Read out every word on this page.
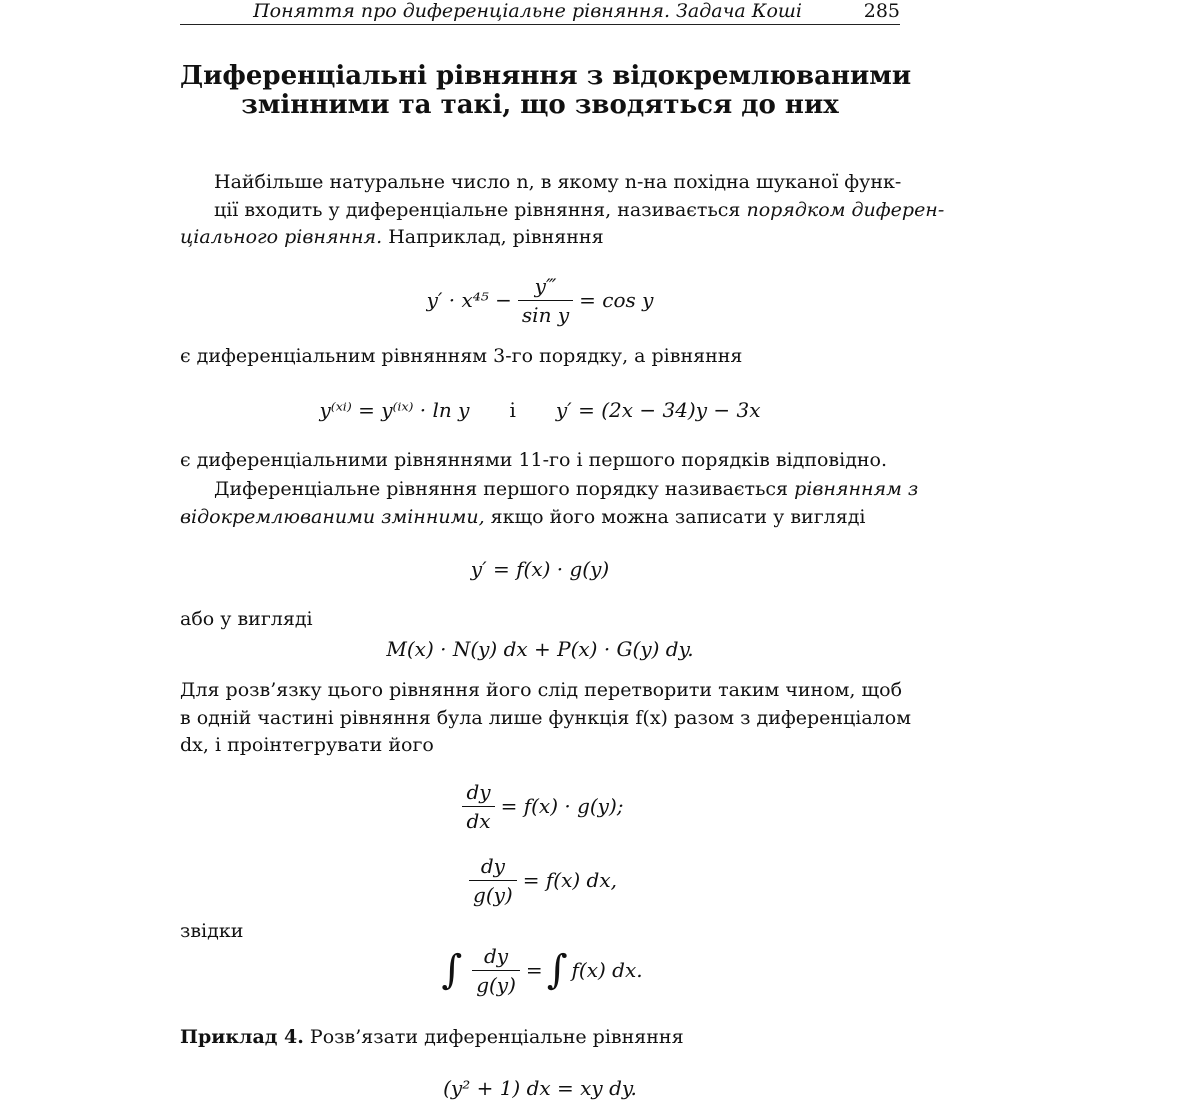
Поняття про диференціальне рівняння. Задача Коші	285
Диференціальні рівняння з відокремлюваними
змінними та такі, що зводяться до них
Найбільше натуральне число n, в якому n-на похідна шуканої функ-
ції входить у диференціальне рівняння, називається порядком диферен-
ціального рівняння. Наприклад, рівняння
$y' \cdot x^{45} - \frac{y‴}{\text{sin y}} = \cos y$

є диференціальним рівнянням 3-го порядку, а рівняння

y⁽ˣⁱ⁾ = y⁽ⁱˣ⁾ · ln y і y′ = (2x − 34)y − 3x

є диференціальними рівняннями 11-го і першого порядків відповідно.

Диференціальне рівняння першого порядку називається рівнянням з
відокремлюваними змінними, якщо його можна записати у вигляді
y′ = f(x) · g(y)

або у вигляді

M(x) · N(y) dx + P(x) · G(y) dy.
Для розв’язку цього рівняння його слід перетворити таким чином, щоб
в одній частині рівняння була лише функція f(x) разом з диференціалом
dx, і проінтегрувати його
$\frac{dy}{dx} = f(x) \cdot g(y)$;
$\frac{dy}{g(y)} = f(x)$ dx,

звідки

∫ $\frac{dy}{g(y)}$ = ∫ f(x) dx.

Приклад 4. Розв’язати диференціальне рівняння

(y² + 1) dx = xy dy.
